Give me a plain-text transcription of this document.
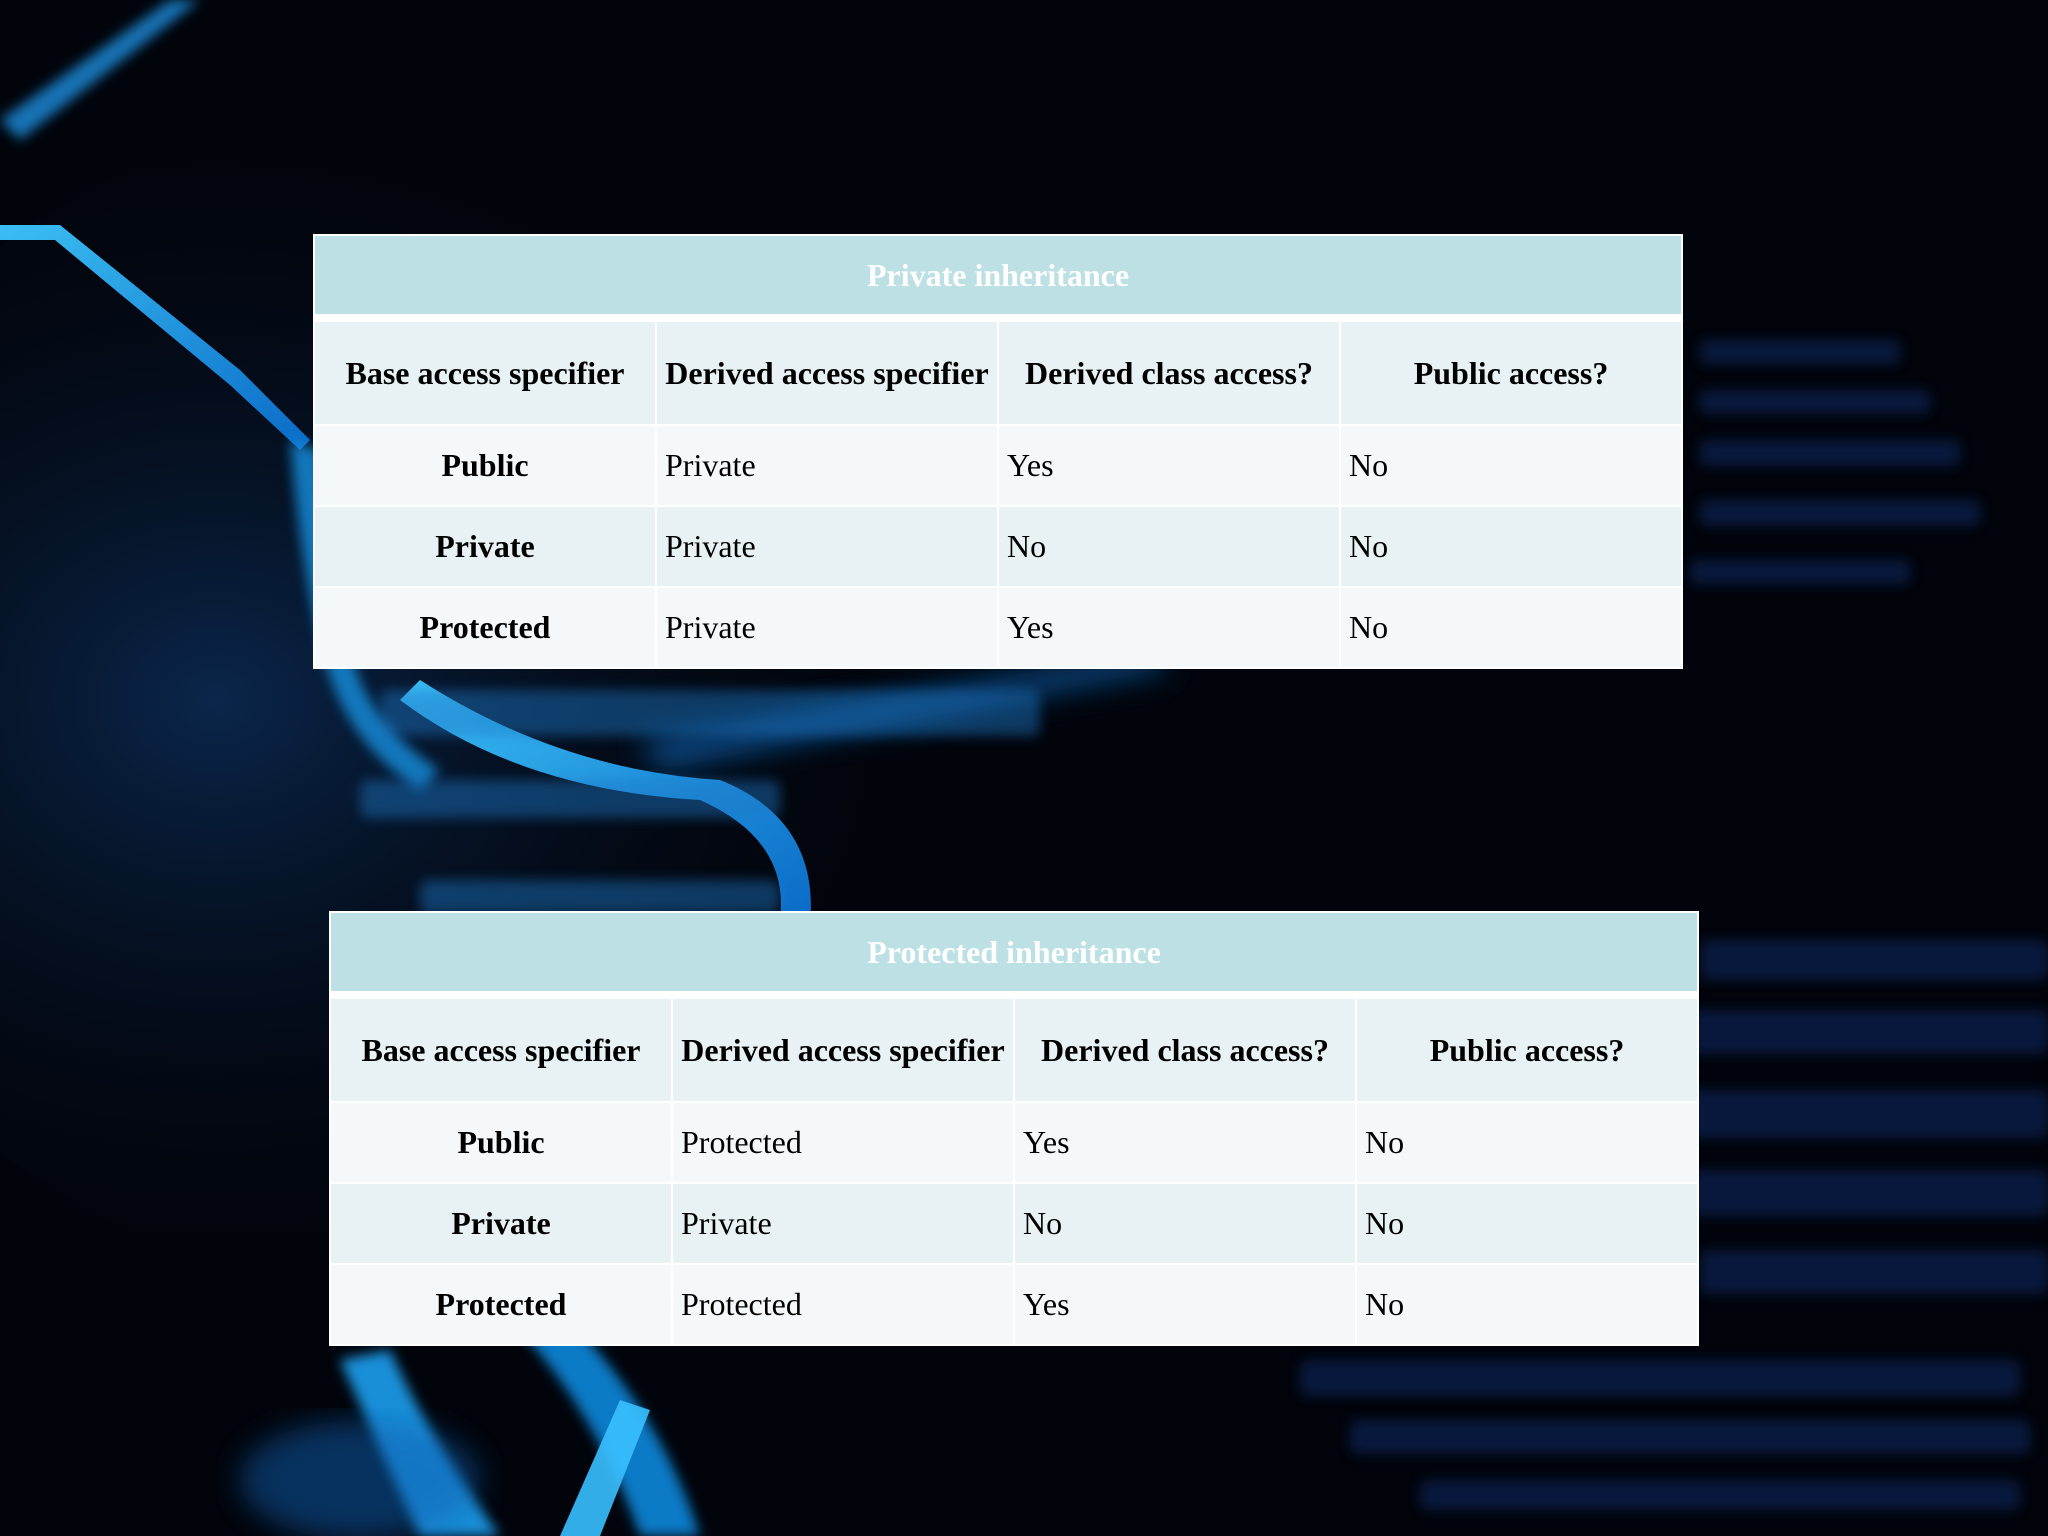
Private inheritance			
Base access specifier	Derived access specifier	Derived class access?	Public access?
Public	Private	Yes	No
Private	Private	No	No
Protected	Private	Yes	No
Protected inheritance			
Base access specifier	Derived access specifier	Derived class access?	Public access?
Public	Protected	Yes	No
Private	Private	No	No
Protected	Protected	Yes	No
